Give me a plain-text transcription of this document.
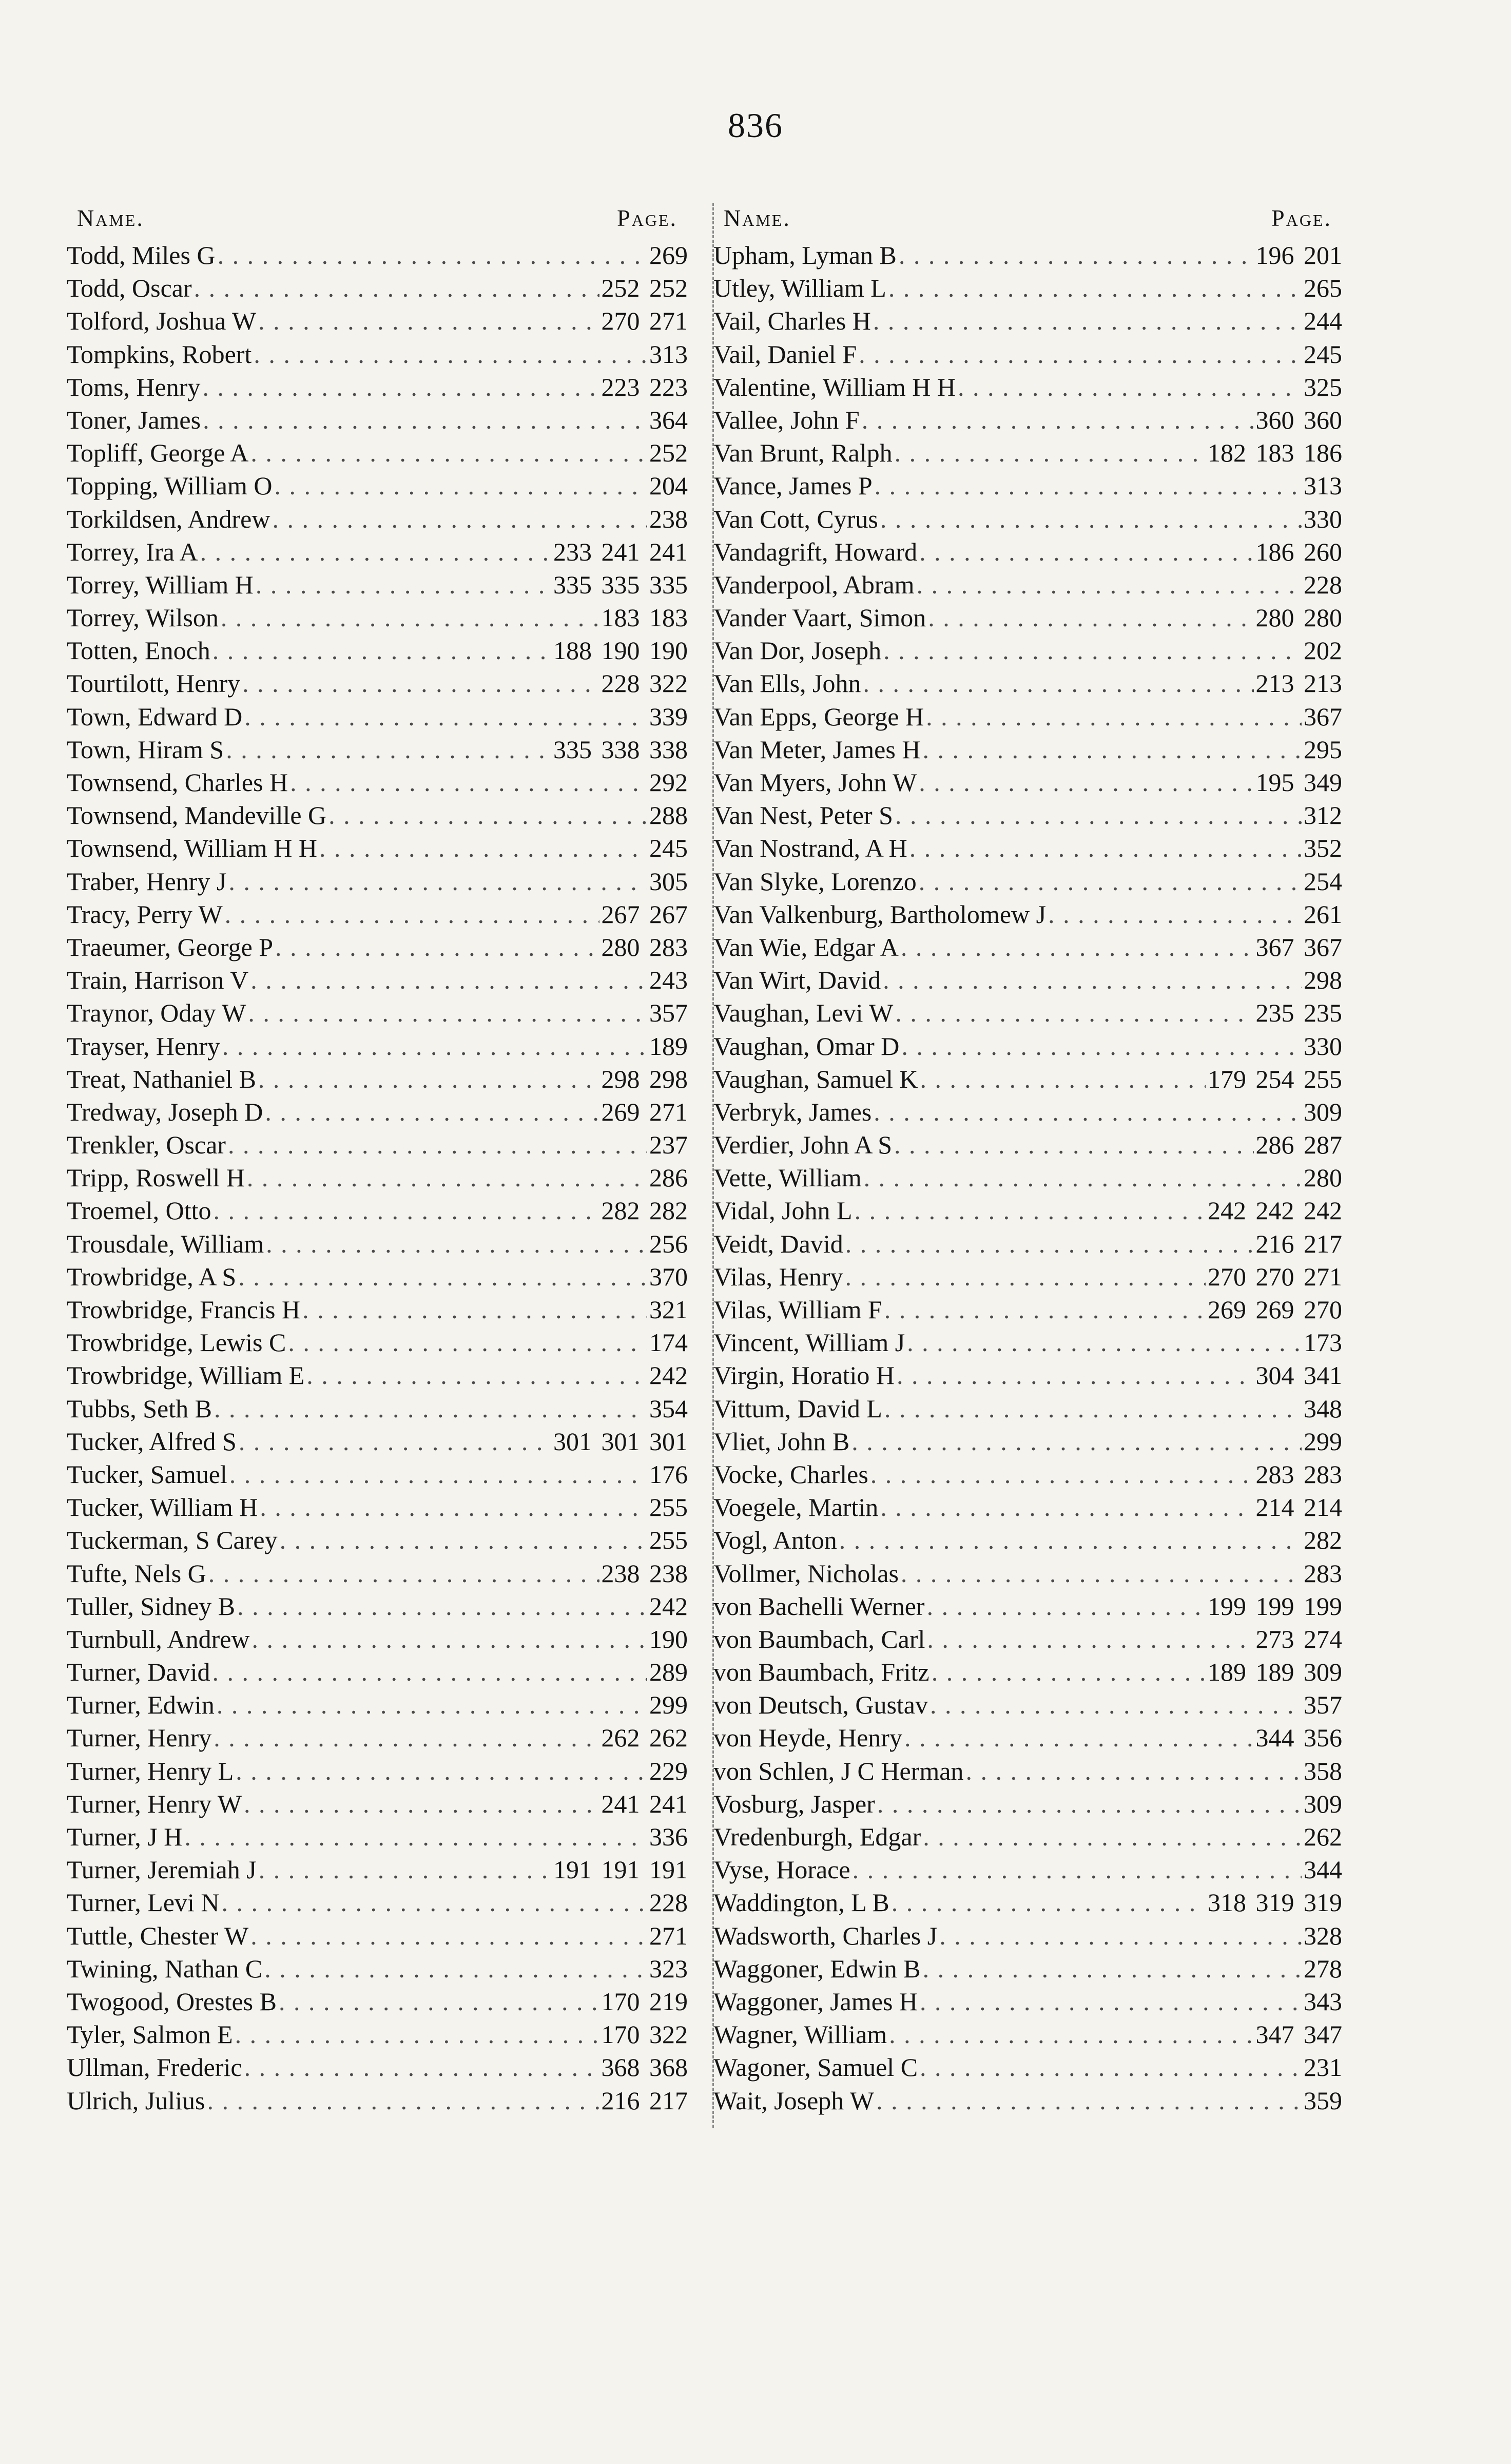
836
Name.	Page.
Todd, Miles G . . .	269
Todd, Oscar . . .	252 252
Tolford, Joshua W . . .	270 271
Tompkins, Robert . . .	313
Toms, Henry . . .	223 223
Toner, James . . .	364
Topliff, George A . . .	252
Topping, William O . . .	204
Torkildsen, Andrew . . .	238
Torrey, Ira A . . .	233 241 241
Torrey, William H . . .	335 335 335
Torrey, Wilson . . .	183 183
Totten, Enoch . . .	188 190 190
Tourtilott, Henry . . .	228 322
Town, Edward D . . .	339
Town, Hiram S . . .	335 338 338
Townsend, Charles H . . .	292
Townsend, Mandeville G . . .	288
Townsend, William H H . . .	245
Traber, Henry J . . .	305
Tracy, Perry W . . .	267 267
Traeumer, George P . . .	280 283
Train, Harrison V . . .	243
Traynor, Oday W . . .	357
Trayser, Henry . . .	189
Treat, Nathaniel B . . .	298 298
Tredway, Joseph D . . .	269 271
Trenkler, Oscar . . .	237
Tripp, Roswell H . . .	286
Troemel, Otto . . .	282 282
Trousdale, William . . .	256
Trowbridge, A S . . .	370
Trowbridge, Francis H . . .	321
Trowbridge, Lewis C . . .	174
Trowbridge, William E . . .	242
Tubbs, Seth B . . .	354
Tucker, Alfred S . . .	301 301 301
Tucker, Samuel . . .	176
Tucker, William H . . .	255
Tuckerman, S Carey . . .	255
Tufte, Nels G . . .	238 238
Tuller, Sidney B . . .	242
Turnbull, Andrew . . .	190
Turner, David . . .	289
Turner, Edwin . . .	299
Turner, Henry . . .	262 262
Turner, Henry L . . .	229
Turner, Henry W . . .	241 241
Turner, J H . . .	336
Turner, Jeremiah J . . .	191 191 191
Turner, Levi N . . .	228
Tuttle, Chester W . . .	271
Twining, Nathan C . . .	323
Twogood, Orestes B . . .	170 219
Tyler, Salmon E . . .	170 322
Ullman, Frederic . . .	368 368
Ulrich, Julius . . .	216 217
Name.	Page.
Upham, Lyman B . . .	196 201
Utley, William L . . .	265
Vail, Charles H . . .	244
Vail, Daniel F . . .	245
Valentine, William H H . . .	325
Vallee, John F . . .	360 360
Van Brunt, Ralph . . .	182 183 186
Vance, James P . . .	313
Van Cott, Cyrus . . .	330
Vandagrift, Howard . . .	186 260
Vanderpool, Abram . . .	228
Vander Vaart, Simon . . .	280 280
Van Dor, Joseph . . .	202
Van Ells, John . . .	213 213
Van Epps, George H . . .	367
Van Meter, James H . . .	295
Van Myers, John W . . .	195 349
Van Nest, Peter S . . .	312
Van Nostrand, A H . . .	352
Van Slyke, Lorenzo . . .	254
Van Valkenburg, Bartholomew J . . .	261
Van Wie, Edgar A . . .	367 367
Van Wirt, David . . .	298
Vaughan, Levi W . . .	235 235
Vaughan, Omar D . . .	330
Vaughan, Samuel K . . .	179 254 255
Verbryk, James . . .	309
Verdier, John A S . . .	286 287
Vette, William . . .	280
Vidal, John L . . .	242 242 242
Veidt, David . . .	216 217
Vilas, Henry . . .	270 270 271
Vilas, William F . . .	269 269 270
Vincent, William J . . .	173
Virgin, Horatio H . . .	304 341
Vittum, David L . . .	348
Vliet, John B . . .	299
Vocke, Charles . . .	283 283
Voegele, Martin . . .	214 214
Vogl, Anton . . .	282
Vollmer, Nicholas . . .	283
von Bachelli Werner . . .	199 199 199
von Baumbach, Carl . . .	273 274
von Baumbach, Fritz . . .	189 189 309
von Deutsch, Gustav . . .	357
von Heyde, Henry . . .	344 356
von Schlen, J C Herman . . .	358
Vosburg, Jasper . . .	309
Vredenburgh, Edgar . . .	262
Vyse, Horace . . .	344
Waddington, L B . . .	318 319 319
Wadsworth, Charles J . . .	328
Waggoner, Edwin B . . .	278
Waggoner, James H . . .	343
Wagner, William . . .	347 347
Wagoner, Samuel C . . .	231
Wait, Joseph W . . .	359
